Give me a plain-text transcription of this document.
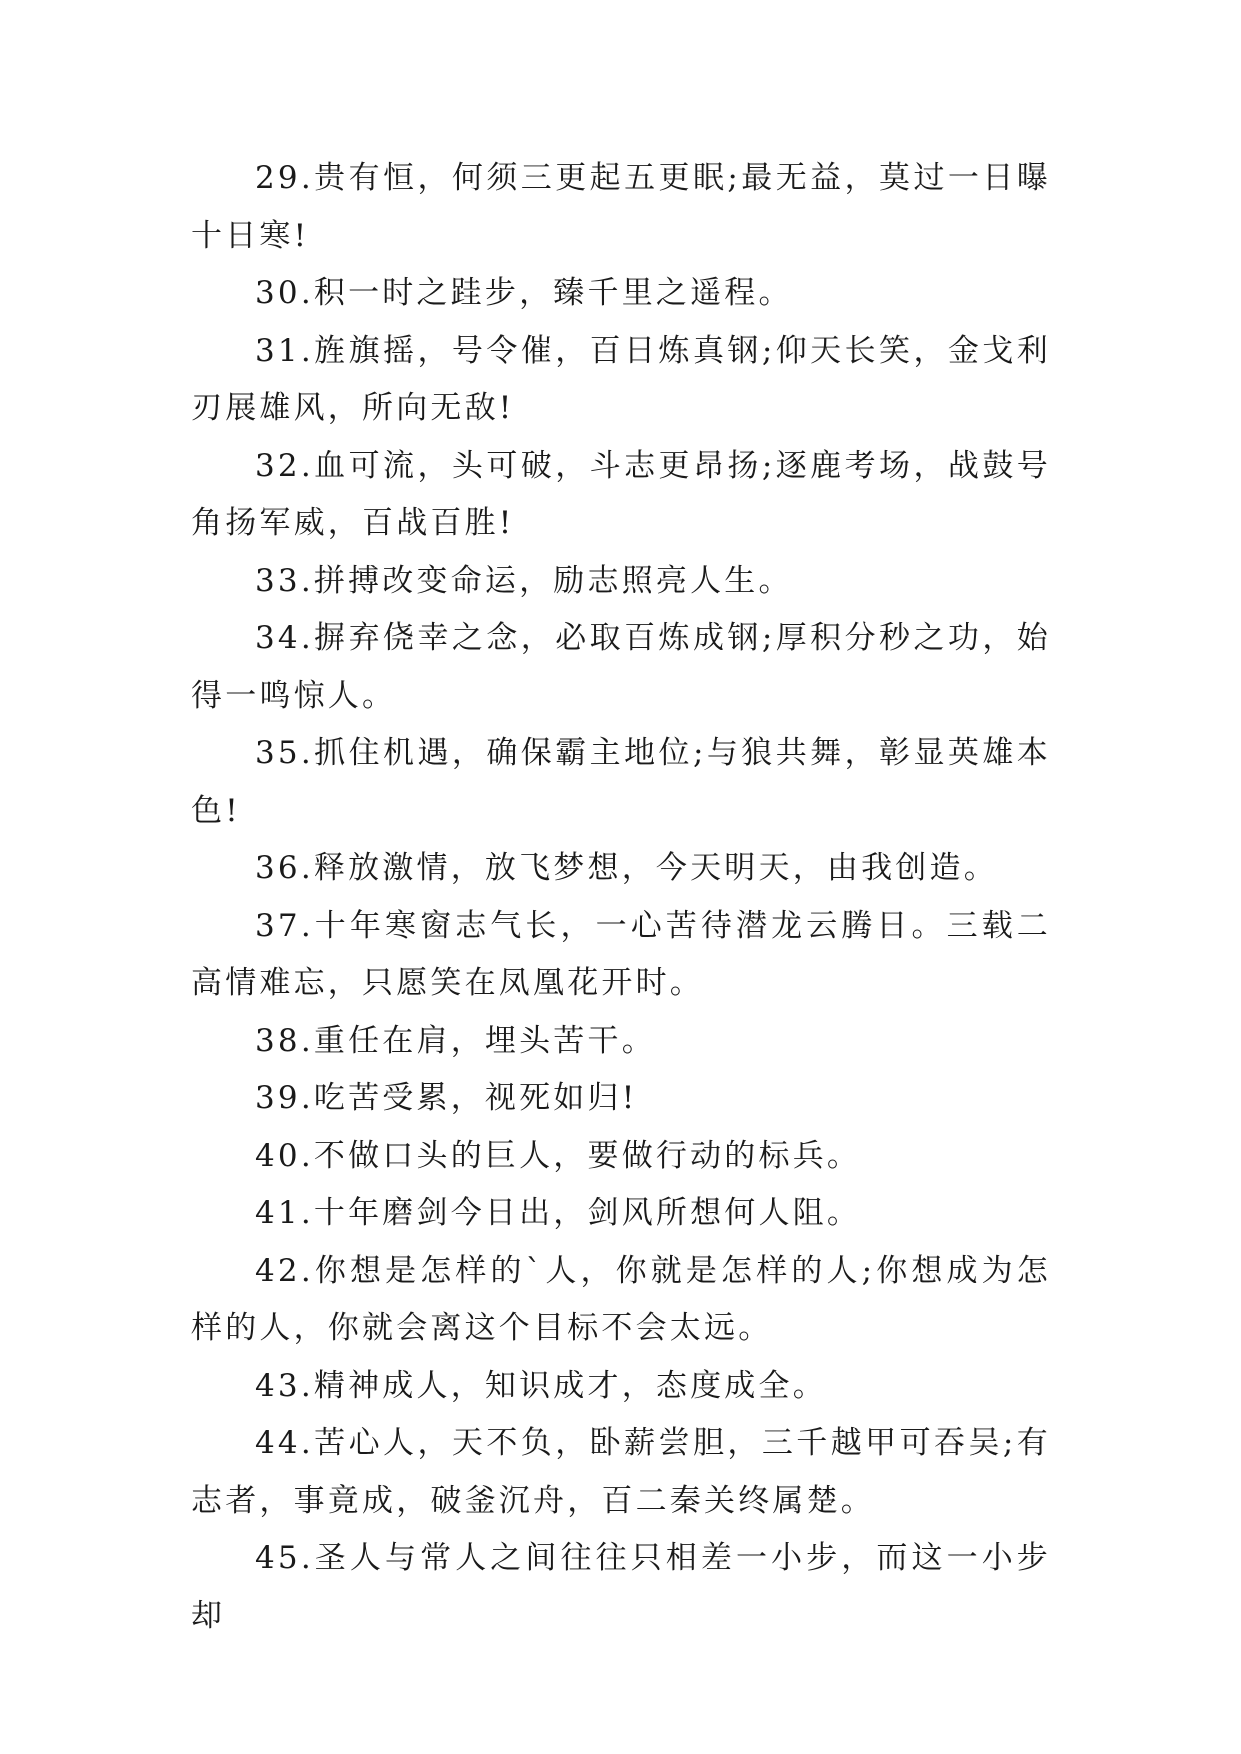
29.贵有恒，何须三更起五更眠;最无益，莫过一日曝十日寒!

30.积一时之跬步，臻千里之遥程。

31.旌旗摇，号令催，百日炼真钢;仰天长笑，金戈利刃展雄风，所向无敌!

32.血可流，头可破，斗志更昂扬;逐鹿考场，战鼓号角扬军威，百战百胜!

33.拼搏改变命运，励志照亮人生。

34.摒弃侥幸之念，必取百炼成钢;厚积分秒之功，始得一鸣惊人。

35.抓住机遇，确保霸主地位;与狼共舞，彰显英雄本色!

36.释放激情，放飞梦想，今天明天，由我创造。

37.十年寒窗志气长，一心苦待潜龙云腾日。三载二高情难忘，只愿笑在凤凰花开时。

38.重任在肩，埋头苦干。

39.吃苦受累，视死如归!

40.不做口头的巨人，要做行动的标兵。

41.十年磨剑今日出，剑风所想何人阻。

42.你想是怎样的`人，你就是怎样的人;你想成为怎样的人，你就会离这个目标不会太远。

43.精神成人，知识成才，态度成全。

44.苦心人，天不负，卧薪尝胆，三千越甲可吞吴;有志者，事竟成，破釜沉舟，百二秦关终属楚。

45.圣人与常人之间往往只相差一小步，而这一小步却
